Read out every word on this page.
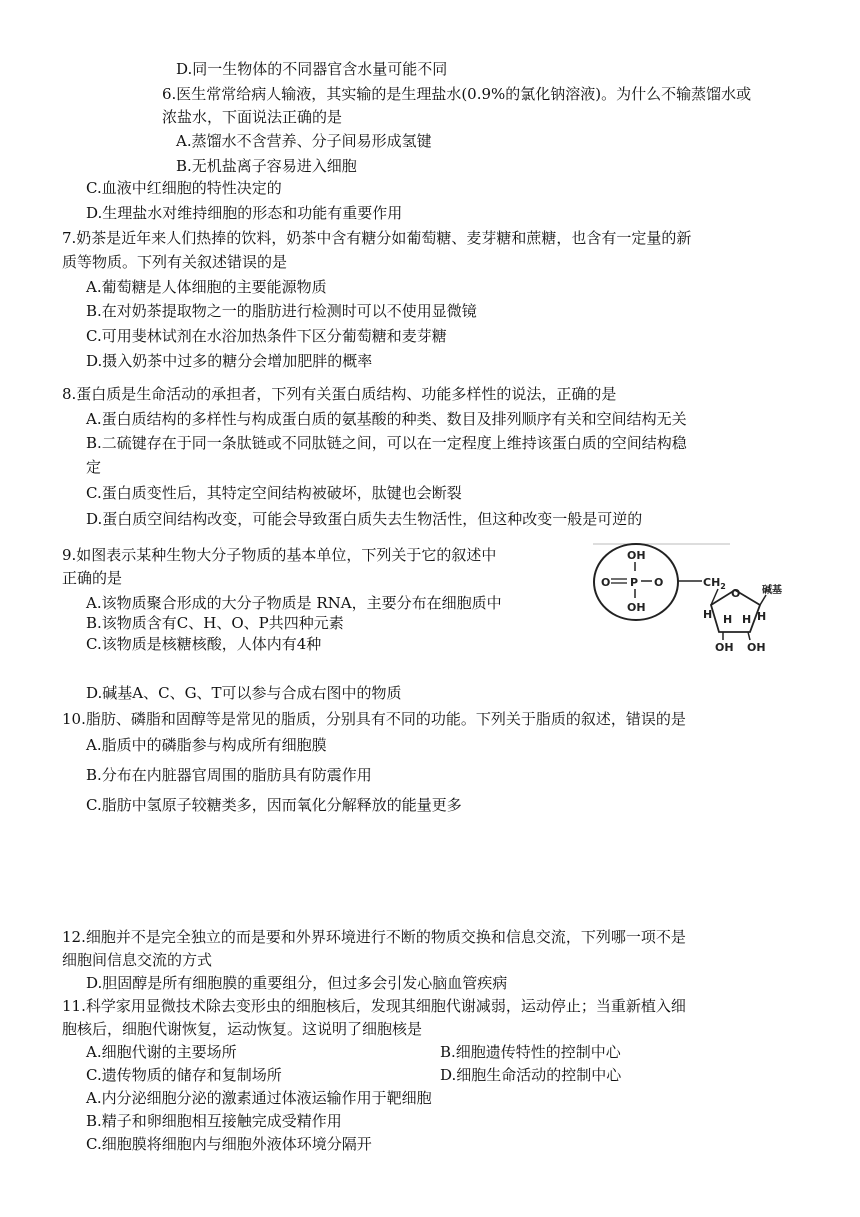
D.同一生物体的不同器官含水量可能不同
6.医生常常给病人输液，其实输的是生理盐水(0.9%的氯化钠溶液)。为什么不输蒸馏水或
浓盐水，下面说法正确的是
A.蒸馏水不含营养、分子间易形成氢键
B.无机盐离子容易进入细胞
C.血液中红细胞的特性决定的
D.生理盐水对维持细胞的形态和功能有重要作用
7.奶茶是近年来人们热捧的饮料，奶茶中含有糖分如葡萄糖、麦芽糖和蔗糖，也含有一定量的新
质等物质。下列有关叙述错误的是
A.葡萄糖是人体细胞的主要能源物质
B.在对奶茶提取物之一的脂肪进行检测时可以不使用显微镜
C.可用斐林试剂在水浴加热条件下区分葡萄糖和麦芽糖
D.摄入奶茶中过多的糖分会增加肥胖的概率
8.蛋白质是生命活动的承担者，下列有关蛋白质结构、功能多样性的说法，正确的是
A.蛋白质结构的多样性与构成蛋白质的氨基酸的种类、数目及排列顺序有关和空间结构无关
B.二硫键存在于同一条肽链或不同肽链之间，可以在一定程度上维持该蛋白质的空间结构稳
定
C.蛋白质变性后，其特定空间结构被破坏，肽键也会断裂
D.蛋白质空间结构改变，可能会导致蛋白质失去生物活性，但这种改变一般是可逆的
9.如图表示某种生物大分子物质的基本单位，下列关于它的叙述中
正确的是
A.该物质聚合形成的大分子物质是 RNA，主要分布在细胞质中
B.该物质含有C、H、O、P共四种元素
C.该物质是核糖核酸，人体内有4种
D.碱基A、C、G、T可以参与合成右图中的物质
10.脂肪、磷脂和固醇等是常见的脂质，分别具有不同的功能。下列关于脂质的叙述，错误的是
A.脂质中的磷脂参与构成所有细胞膜
B.分布在内脏器官周围的脂肪具有防震作用
C.脂肪中氢原子较糖类多，因而氧化分解释放的能量更多
12.细胞并不是完全独立的而是要和外界环境进行不断的物质交换和信息交流，下列哪一项不是
细胞间信息交流的方式
D.胆固醇是所有细胞膜的重要组分，但过多会引发心脑血管疾病
11.科学家用显微技术除去变形虫的细胞核后，发现其细胞代谢减弱，运动停止；当重新植入细
胞核后，细胞代谢恢复，运动恢复。这说明了细胞核是
A.细胞代谢的主要场所	B.细胞遗传特性的控制中心
C.遗传物质的储存和复制场所	D.细胞生命活动的控制中心
A.内分泌细胞分泌的激素通过体液运输作用于靶细胞
B.精子和卵细胞相互接触完成受精作用
C.细胞膜将细胞内与细胞外液体环境分隔开
OH
O P O
OH
$CH_2$
O 碱基
H H H H
OH OH
